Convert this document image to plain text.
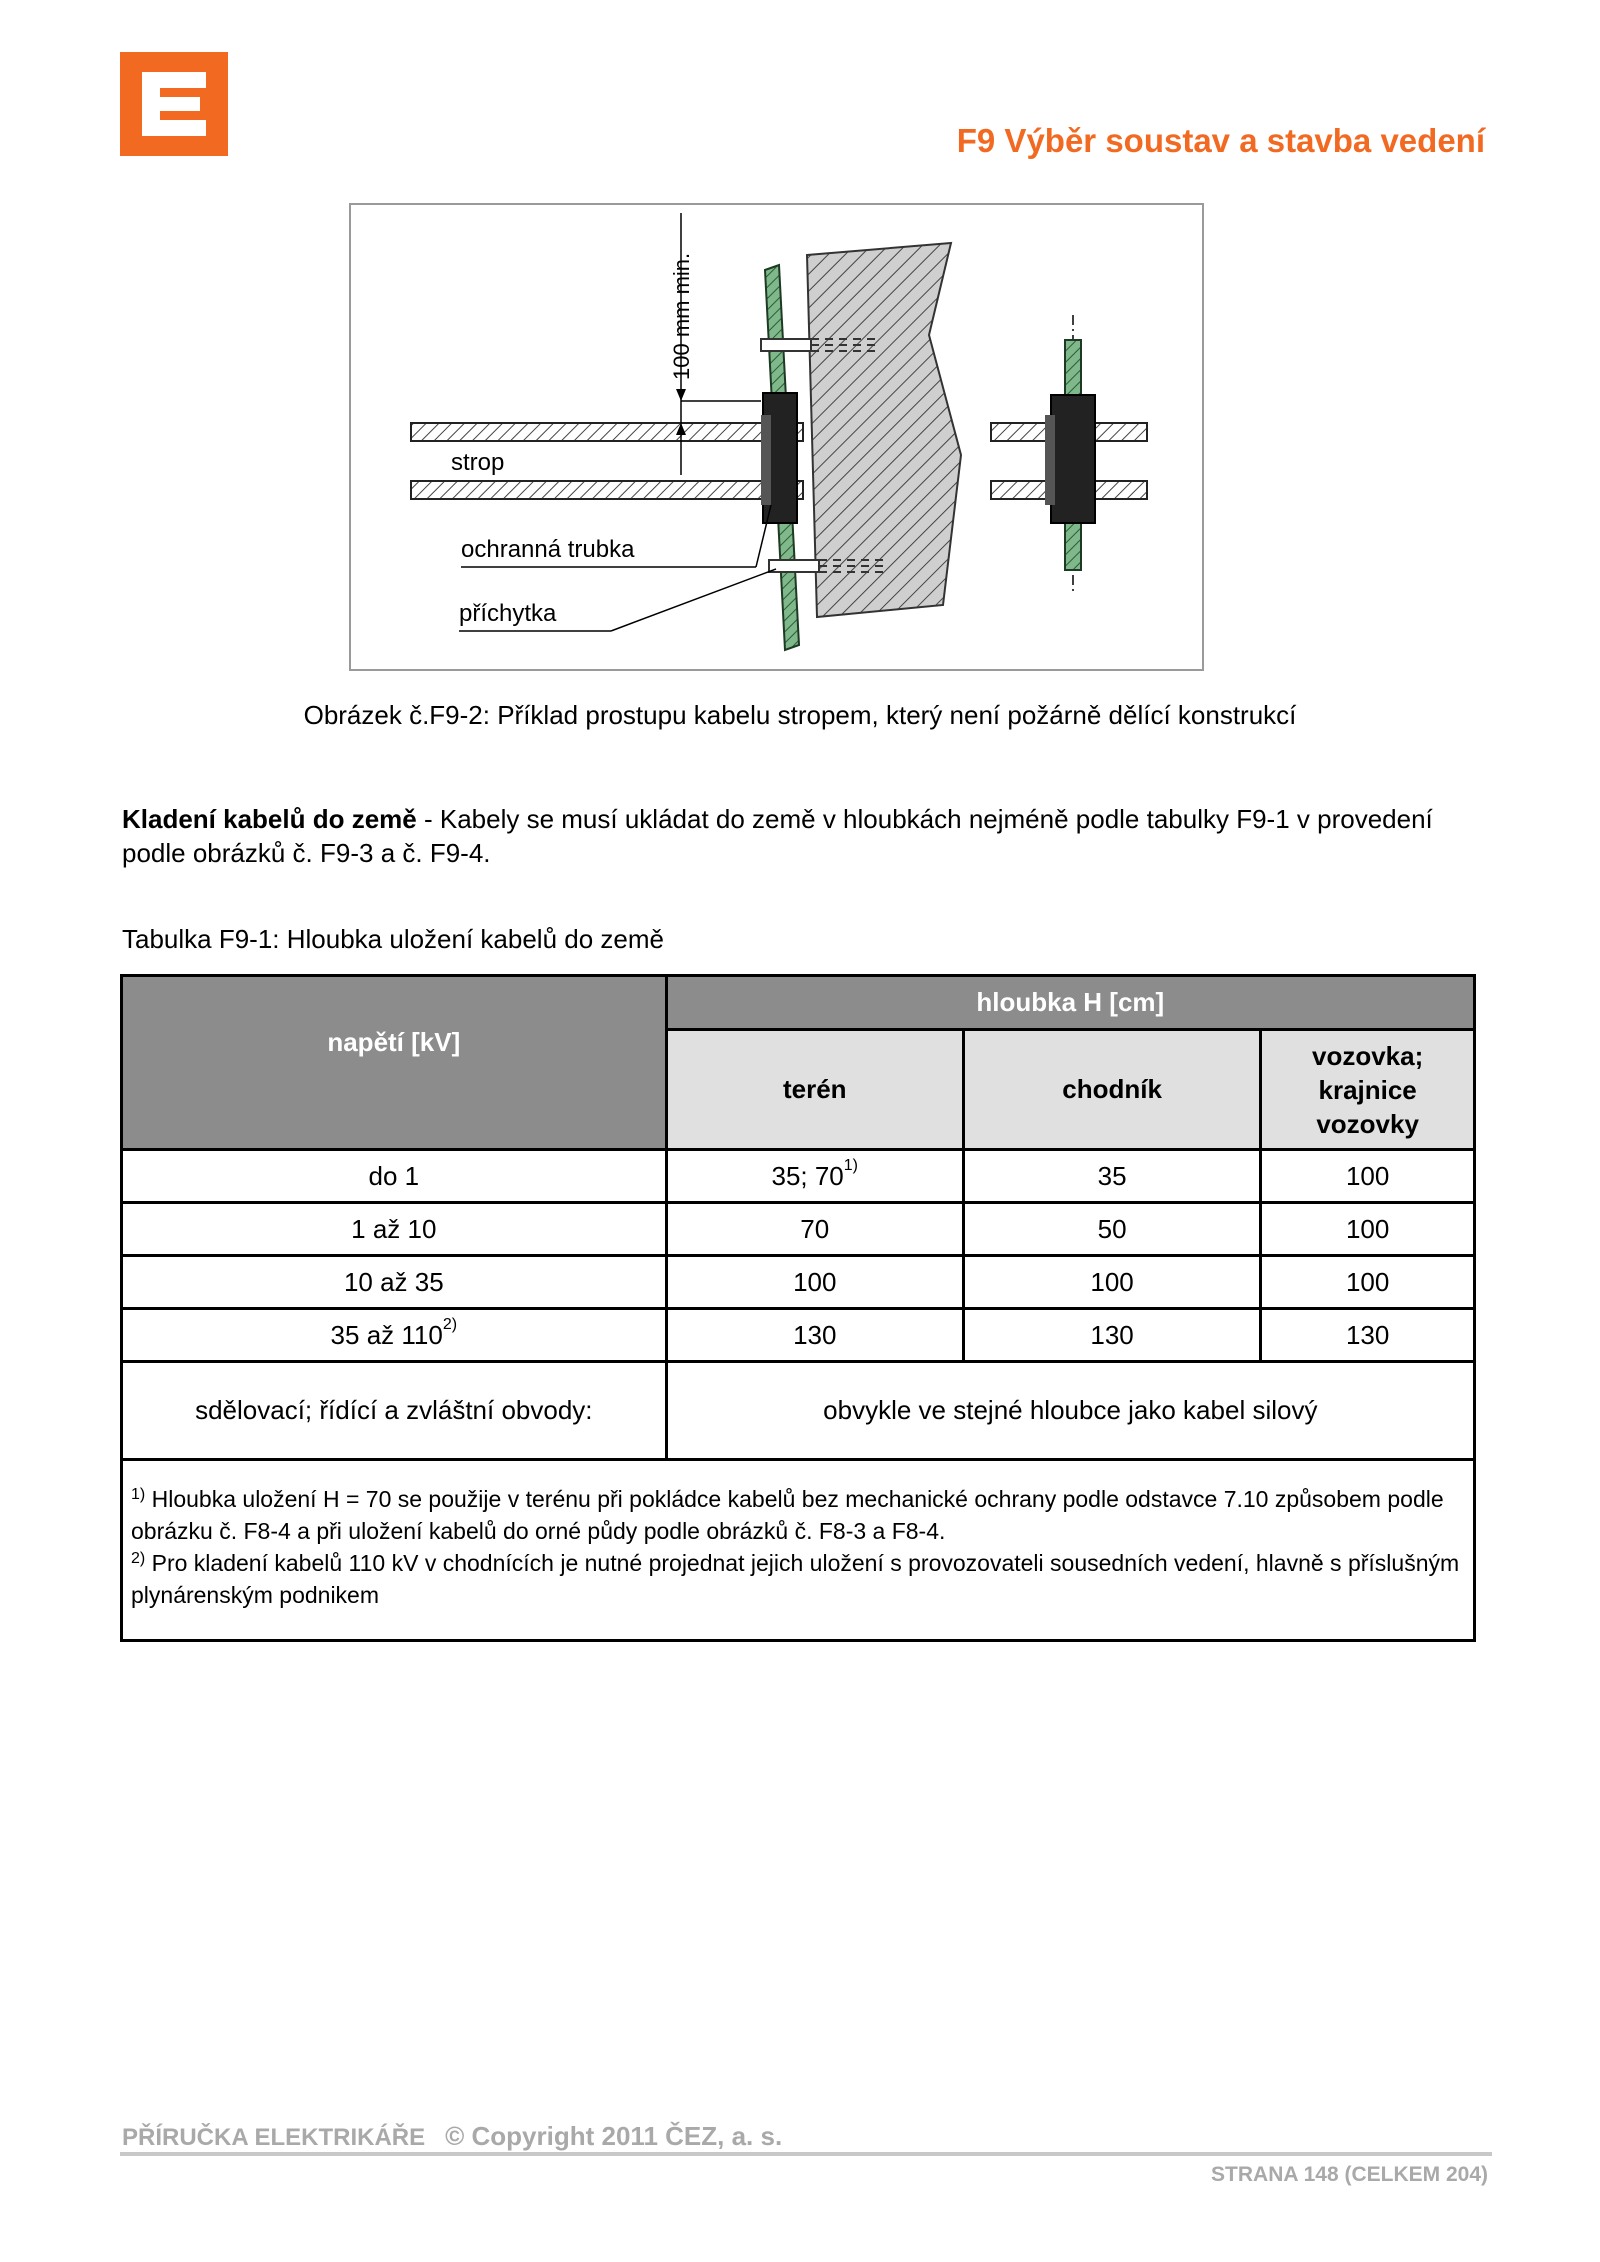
F9 Výběr soustav a stavba vedení
100 mm min.
strop
ochranná trubka
příchytka
Obrázek č.F9-2: Příklad prostupu kabelu stropem, který není požárně dělící konstrukcí
Kladení kabelů do země - Kabely se musí ukládat do země v hloubkách nejméně podle tabulky F9-1 v provedení podle obrázků č. F9-3 a č. F9-4.
Tabulka F9-1: Hloubka uložení kabelů do země
napětí [kV]	hloubka H [cm]		
	terén	chodník	vozovka; krajnice vozovky
do 1	35; 70$^{1)}$	35	100
1 až 10	70	50	100
10 až 35	100	100	100
35 až 110$^{2)}$	130	130	130
sdělovací; řídící a zvláštní obvody:	obvykle ve stejné hloubce jako kabel silový		

$^{1)}$ Hloubka uložení H = 70 se použije v terénu při pokládce kabelů bez mechanické ochrany podle odstavce 7.10 způsobem podle obrázku č. F8-4 a při uložení kabelů do orné půdy podle obrázků č. F8-3 a F8-4.
$^{2)}$ Pro kladení kabelů 110 kV v chodnících je nutné projednat jejich uložení s provozovateli sousedních vedení, hlavně s příslušným plynárenským podnikem			
PŘÍRUČKA ELEKTRIKÁŘE © Copyright 2011 ČEZ, a. s.
STRANA 148 (CELKEM 204)
